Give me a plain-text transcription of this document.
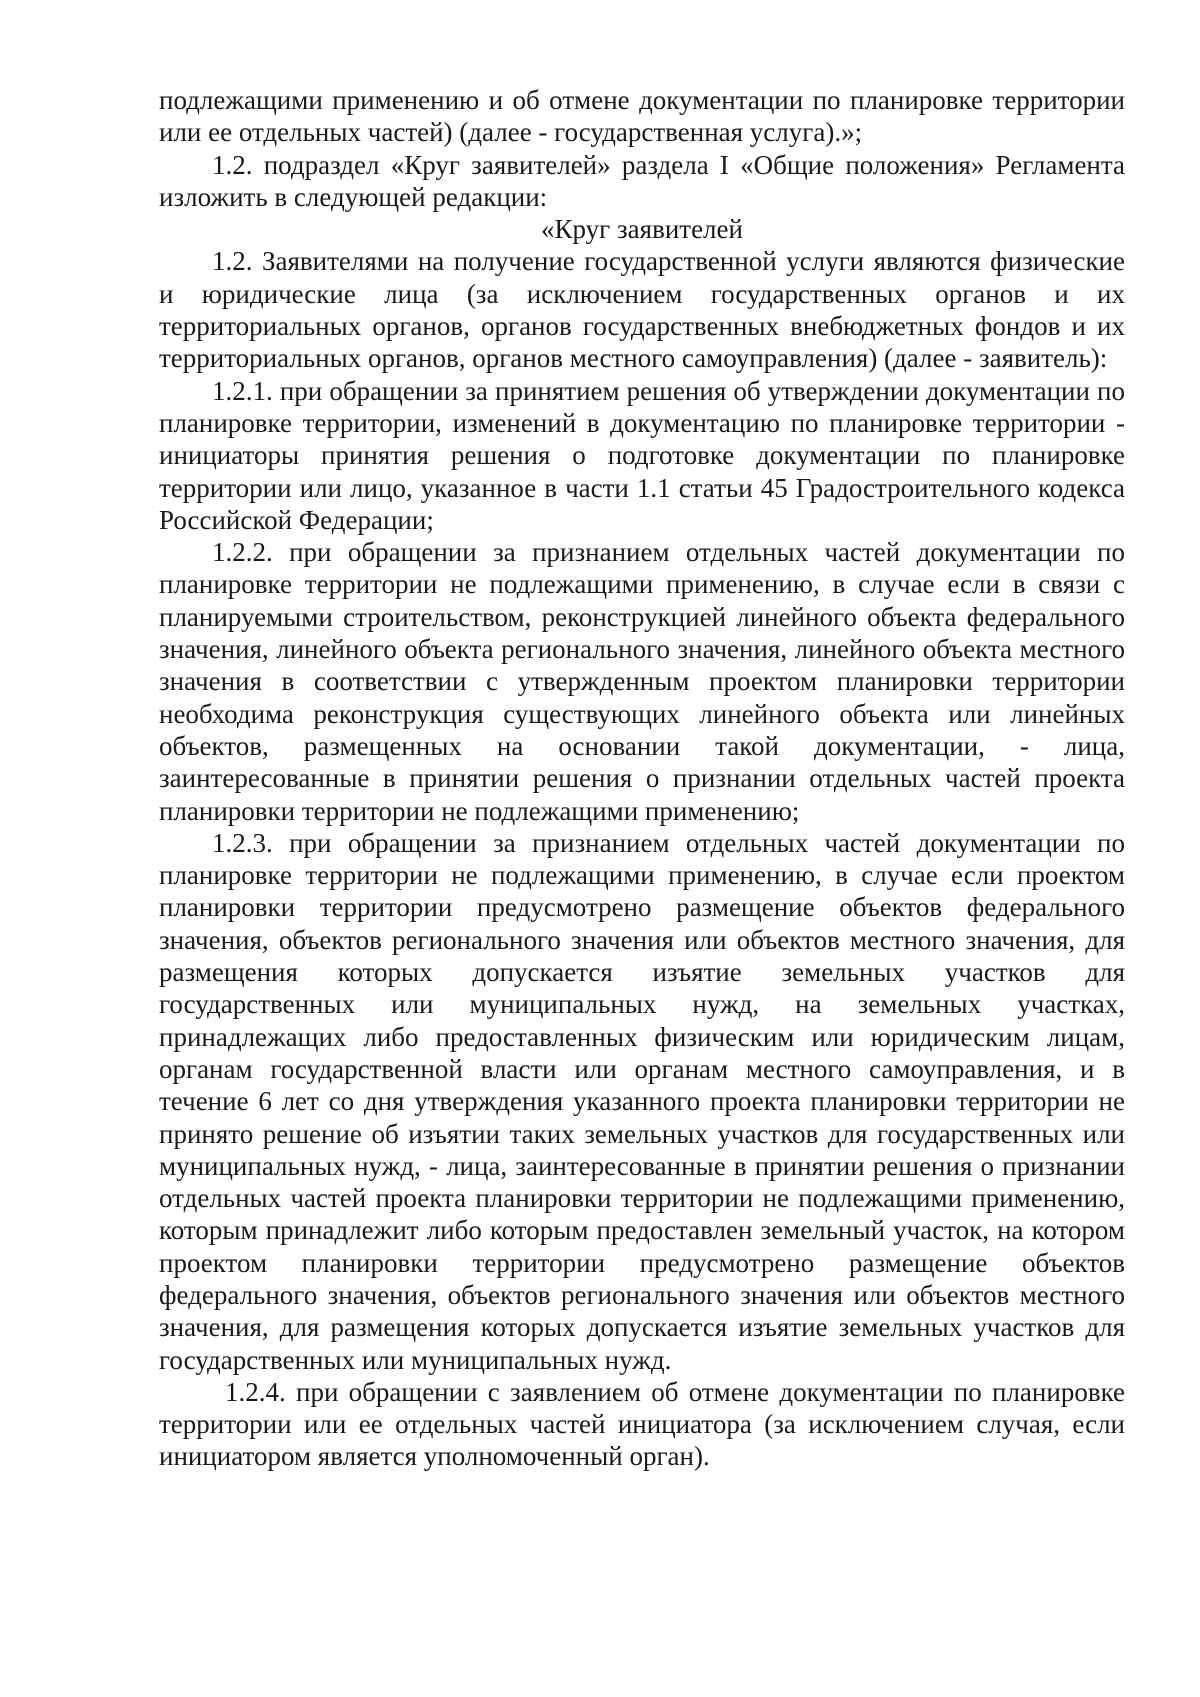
подлежащими применению и об отмене документации по планировке территории или ее отдельных частей) (далее - государственная услуга).»;

1.2. подраздел «Круг заявителей» раздела I «Общие положения» Регламента изложить в следующей редакции:

«Круг заявителей

1.2. Заявителями на получение государственной услуги являются физические и юридические лица (за исключением государственных органов и их территориальных органов, органов государственных внебюджетных фондов и их территориальных органов, органов местного самоуправления) (далее - заявитель):

1.2.1. при обращении за принятием решения об утверждении документации по планировке территории, изменений в документацию по планировке территории - инициаторы принятия решения о подготовке документации по планировке территории или лицо, указанное в части 1.1 статьи 45 Градостроительного кодекса Российской Федерации;

1.2.2. при обращении за признанием отдельных частей документации по планировке территории не подлежащими применению, в случае если в связи с планируемыми строительством, реконструкцией линейного объекта федерального значения, линейного объекта регионального значения, линейного объекта местного значения в соответствии с утвержденным проектом планировки территории необходима реконструкция существующих линейного объекта или линейных объектов, размещенных на основании такой документации, - лица, заинтересованные в принятии решения о признании отдельных частей проекта планировки территории не подлежащими применению;

1.2.3. при обращении за признанием отдельных частей документации по планировке территории не подлежащими применению, в случае если проектом планировки территории предусмотрено размещение объектов федерального значения, объектов регионального значения или объектов местного значения, для размещения которых допускается изъятие земельных участков для государственных или муниципальных нужд, на земельных участках, принадлежащих либо предоставленных физическим или юридическим лицам, органам государственной власти или органам местного самоуправления, и в течение 6 лет со дня утверждения указанного проекта планировки территории не принято решение об изъятии таких земельных участков для государственных или муниципальных нужд, - лица, заинтересованные в принятии решения о признании отдельных частей проекта планировки территории не подлежащими применению, которым принадлежит либо которым предоставлен земельный участок, на котором проектом планировки территории предусмотрено размещение объектов федерального значения, объектов регионального значения или объектов местного значения, для размещения которых допускается изъятие земельных участков для государственных или муниципальных нужд.

1.2.4. при обращении с заявлением об отмене документации по планировке территории или ее отдельных частей инициатора (за исключением случая, если инициатором является уполномоченный орган).
